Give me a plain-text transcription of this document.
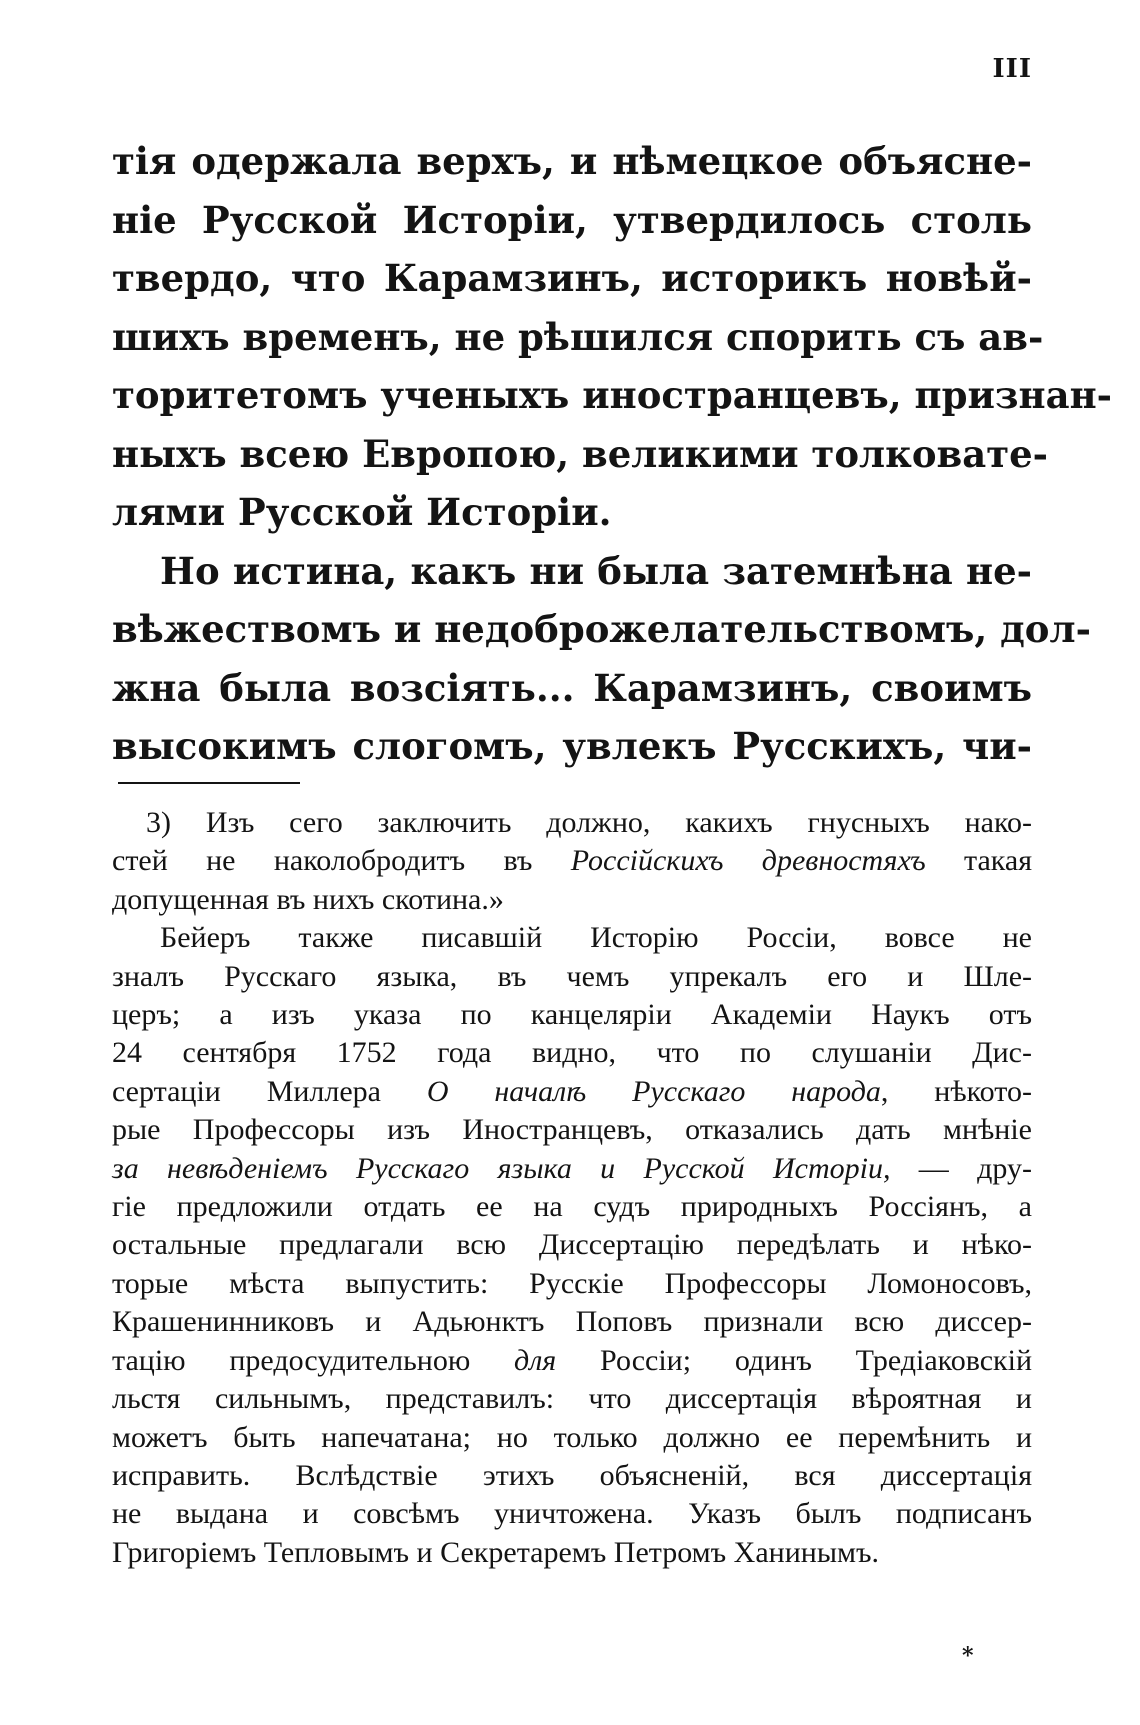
III
тія одержала верхъ, и нѣмецкое объясне-
ніе Русской Исторіи, утвердилось столь
твердо, что Карамзинъ, историкъ новѣй-
шихъ временъ, не рѣшился спорить съ ав-
торитетомъ ученыхъ иностранцевъ, признан-
ныхъ всею Европою, великими толковате-
лями Русской Исторіи.
Но истина, какъ ни была затемнѣна не-
вѣжествомъ и недоброжелательствомъ, дол-
жна была возсіять... Карамзинъ, своимъ
высокимъ слогомъ, увлекъ Русскихъ, чи-
3) Изъ сего заключить должно, какихъ гнусныхъ нако-
стей не наколобродитъ въ Россійскихъ древностяхъ такая
допущенная въ нихъ скотина.»
Бейеръ также писавшій Исторію Россіи, вовсе не
зналъ Русскаго языка, въ чемъ упрекалъ его и Шле-
церъ; а изъ указа по канцеляріи Академіи Наукъ отъ
24 сентября 1752 года видно, что по слушаніи Дис-
сертаціи Миллера О началѣ Русскаго народа, нѣкото-
рые Профессоры изъ Иностранцевъ, отказались дать мнѣніе
за невѣденіемъ Русскаго языка и Русской Исторіи, — дру-
гіе предложили отдать ее на судъ природныхъ Россіянъ, а
остальные предлагали всю Диссертацію передѣлать и нѣко-
торые мѣста выпустить: Русскіе Профессоры Ломоносовъ,
Крашенинниковъ и Адьюнктъ Поповъ признали всю диссер-
тацію предосудительною для Россіи; одинъ Тредіаковскій
льстя сильнымъ, представилъ: что диссертація вѣроятная и
можетъ быть напечатана; но только должно ее перемѣнить и
исправить. Вслѣдствіе этихъ объясненій, вся диссертація
не выдана и совсѣмъ уничтожена. Указъ былъ подписанъ
Григоріемъ Тепловымъ и Секретаремъ Петромъ Ханинымъ.
*
